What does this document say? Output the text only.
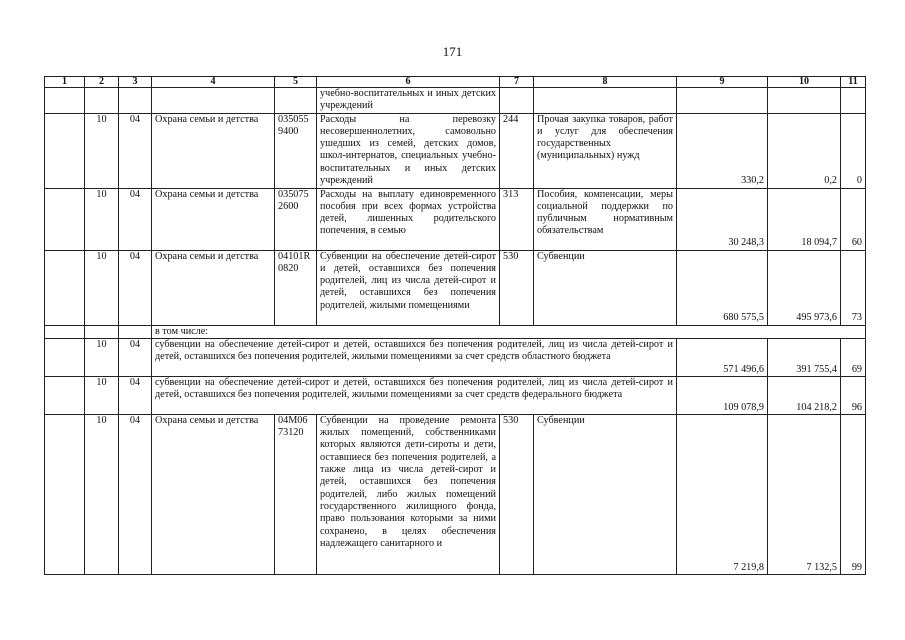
171
1	2	3	4	5	6	7	8	9	10	11
					учебно-воспитательных и иных детских учреждений					
	10	04	Охрана семьи и детства	035055 9400	Расходы на перевозку несовершеннолетних, самовольно ушедших из семей, детских домов, школ-интернатов, специальных учебно-воспитательных и иных детских учреждений	244	Прочая закупка товаров, работ и услуг для обеспечения государственных (муниципальных) нужд	330,2	0,2	0
	10	04	Охрана семьи и детства	035075 2600	Расходы на выплату единовременного пособия при всех формах устройства детей, лишенных родительского попечения, в семью	313	Пособия, компенсации, меры социальной поддержки по публичным нормативным обязательствам	30 248,3	18 094,7	60
	10	04	Охрана семьи и детства	04101R 0820	Субвенции на обеспечение детей-сирот и детей, оставшихся без попечения родителей, лиц из числа детей-сирот и детей, оставшихся без попечения родителей, жилыми помещениями	530	Субвенции	680 575,5	495 973,6	73
			в том числе:							
	10	04	субвенции на обеспечение детей-сирот и детей, оставшихся без попечения родителей, лиц из числа детей-сирот и детей, оставшихся без попечения родителей, жилыми помещениями за счет средств областного бюджета					571 496,6	391 755,4	69
	10	04	субвенции на обеспечение детей-сирот и детей, оставшихся без попечения родителей, лиц из числа детей-сирот и детей, оставшихся без попечения родителей, жилыми помещениями за счет средств федерального бюджета					109 078,9	104 218,2	96
	10	04	Охрана семьи и детства	04М06 73120	Субвенции на проведение ремонта жилых помещений, собственниками которых являются дети-сироты и дети, оставшиеся без попечения родителей, а также лица из числа детей-сирот и детей, оставшихся без попечения родителей, либо жилых помещений государственного жилищного фонда, право пользования которыми за ними сохранено, в целях обеспечения надлежащего санитарного и	530	Субвенции	7 219,8	7 132,5	99
